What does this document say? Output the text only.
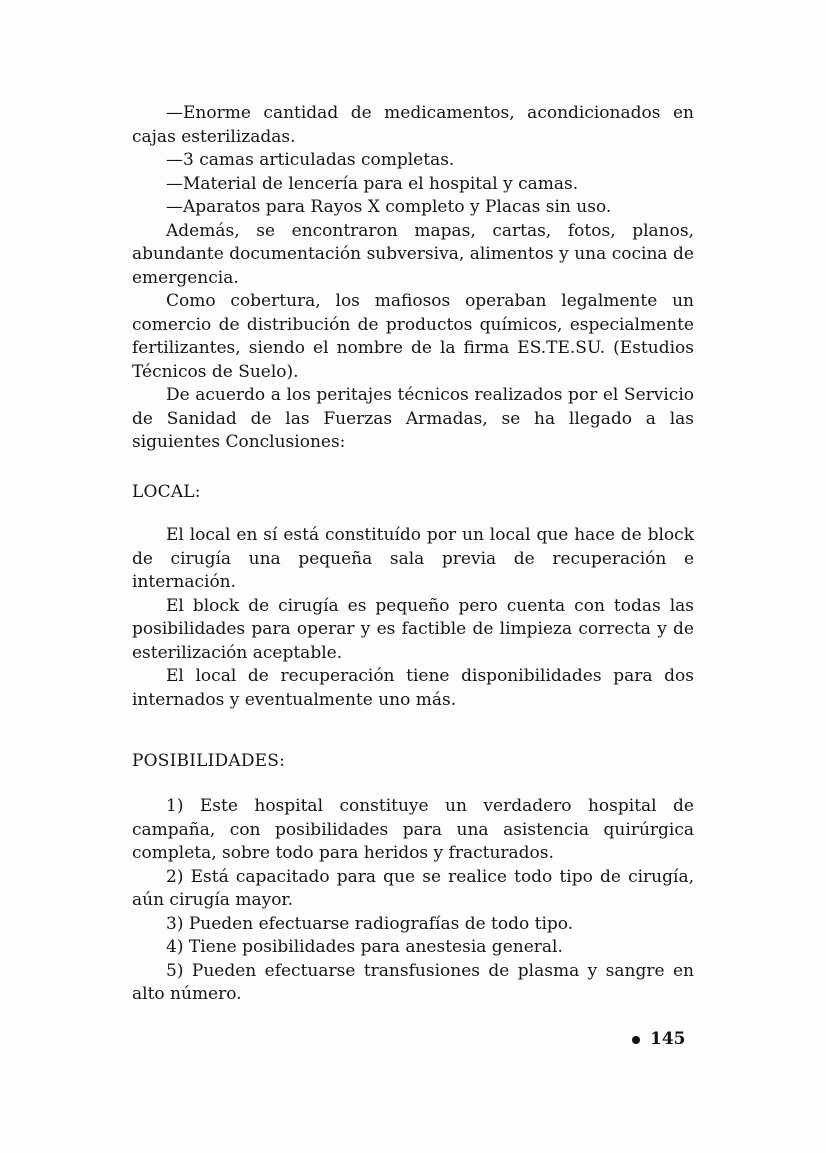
—Enorme cantidad de medicamentos, acondicionados en cajas esterilizadas.

—3 camas articuladas completas.

—Material de lencería para el hospital y camas.

—Aparatos para Rayos X completo y Placas sin uso.

Además, se encontraron mapas, cartas, fotos, planos, abundante documentación subversiva, alimentos y una cocina de emergencia.

Como cobertura, los mafiosos operaban legalmente un comercio de distribución de productos químicos, especialmente fertilizantes, siendo el nombre de la firma ES.TE.SU. (Estudios Técnicos de Suelo).

De acuerdo a los peritajes técnicos realizados por el Servicio de Sanidad de las Fuerzas Armadas, se ha llegado a las siguientes Conclusiones:

LOCAL:

El local en sí está constituído por un local que hace de block de cirugía una pequeña sala previa de recuperación e internación.

El block de cirugía es pequeño pero cuenta con todas las posibilidades para operar y es factible de limpieza correcta y de esterilización aceptable.

El local de recuperación tiene disponibilidades para dos internados y eventualmente uno más.

POSIBILIDADES:

1) Este hospital constituye un verdadero hospital de campaña, con posibilidades para una asistencia quirúrgica completa, sobre todo para heridos y fracturados.

2) Está capacitado para que se realice todo tipo de cirugía, aún cirugía mayor.

3) Pueden efectuarse radiografías de todo tipo.

4) Tiene posibilidades para anestesia general.

5) Pueden efectuarse transfusiones de plasma y sangre en alto número.

145
